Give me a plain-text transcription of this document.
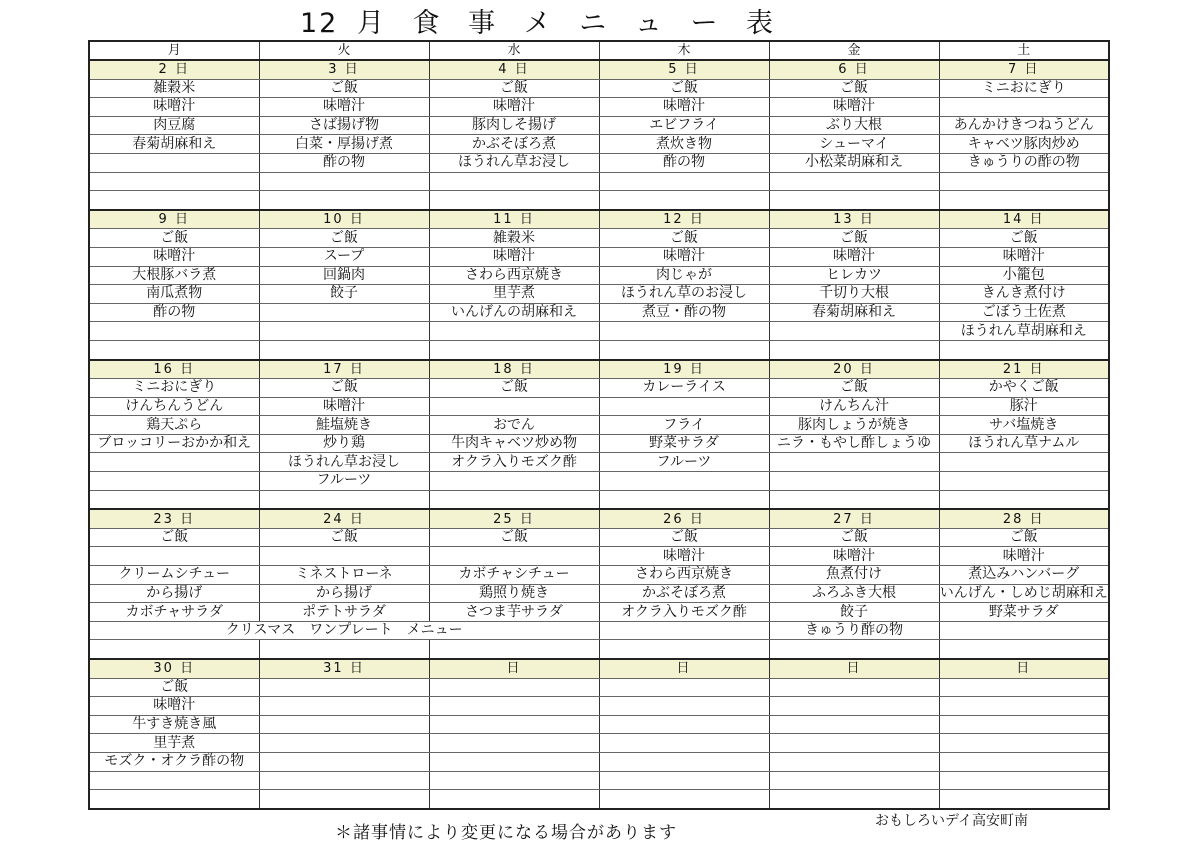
12 月 食 事 メ ニ ュ ー 表
月	火	水	木	金	土
2 日	3 日	4 日	5 日	6 日	7 日
雑穀米	ご飯	ご飯	ご飯	ご飯	ミニおにぎり
味噌汁	味噌汁	味噌汁	味噌汁	味噌汁	
肉豆腐	さば揚げ物	豚肉しそ揚げ	エビフライ	ぶり大根	あんかけきつねうどん
春菊胡麻和え	白菜・厚揚げ煮	かぶそぼろ煮	煮炊き物	シューマイ	キャベツ豚肉炒め
	酢の物	ほうれん草お浸し	酢の物	小松菜胡麻和え	きゅうりの酢の物

9 日	10 日	11 日	12 日	13 日	14 日
ご飯	ご飯	雑穀米	ご飯	ご飯	ご飯
味噌汁	スープ	味噌汁	味噌汁	味噌汁	味噌汁
大根豚バラ煮	回鍋肉	さわら西京焼き	肉じゃが	ヒレカツ	小籠包
南瓜煮物	餃子	里芋煮	ほうれん草のお浸し	千切り大根	きんき煮付け
酢の物		いんげんの胡麻和え	煮豆・酢の物	春菊胡麻和え	ごぼう土佐煮
					ほうれん草胡麻和え

16 日	17 日	18 日	19 日	20 日	21 日
ミニおにぎり	ご飯	ご飯	カレーライス	ご飯	かやくご飯
けんちんうどん	味噌汁			けんちん汁	豚汁
鶏天ぷら	鮭塩焼き	おでん	フライ	豚肉しょうが焼き	サバ塩焼き
ブロッコリーおかか和え	炒り鶏	牛肉キャベツ炒め物	野菜サラダ	ニラ・もやし酢しょうゆ	ほうれん草ナムル
	ほうれん草お浸し	オクラ入りモズク酢	フルーツ		
	フルーツ				

23 日	24 日	25 日	26 日	27 日	28 日
ご飯	ご飯	ご飯	ご飯	ご飯	ご飯
			味噌汁	味噌汁	味噌汁
クリームシチュー	ミネストローネ	カボチャシチュー	さわら西京焼き	魚煮付け	煮込みハンバーグ
から揚げ	から揚げ	鶏照り焼き	かぶそぼろ煮	ふろふき大根	いんげん・しめじ胡麻和え
カボチャサラダ	ポテトサラダ	さつま芋サラダ	オクラ入りモズク酢	餃子	野菜サラダ
クリスマス　ワンプレート　メニュー				きゅうり酢の物	

30 日	31 日	日	日	日	日
ご飯					
味噌汁					
牛すき焼き風					
里芋煮					
モズク・オクラ酢の物					

＊諸事情により変更になる場合があります
おもしろいデイ高安町南
